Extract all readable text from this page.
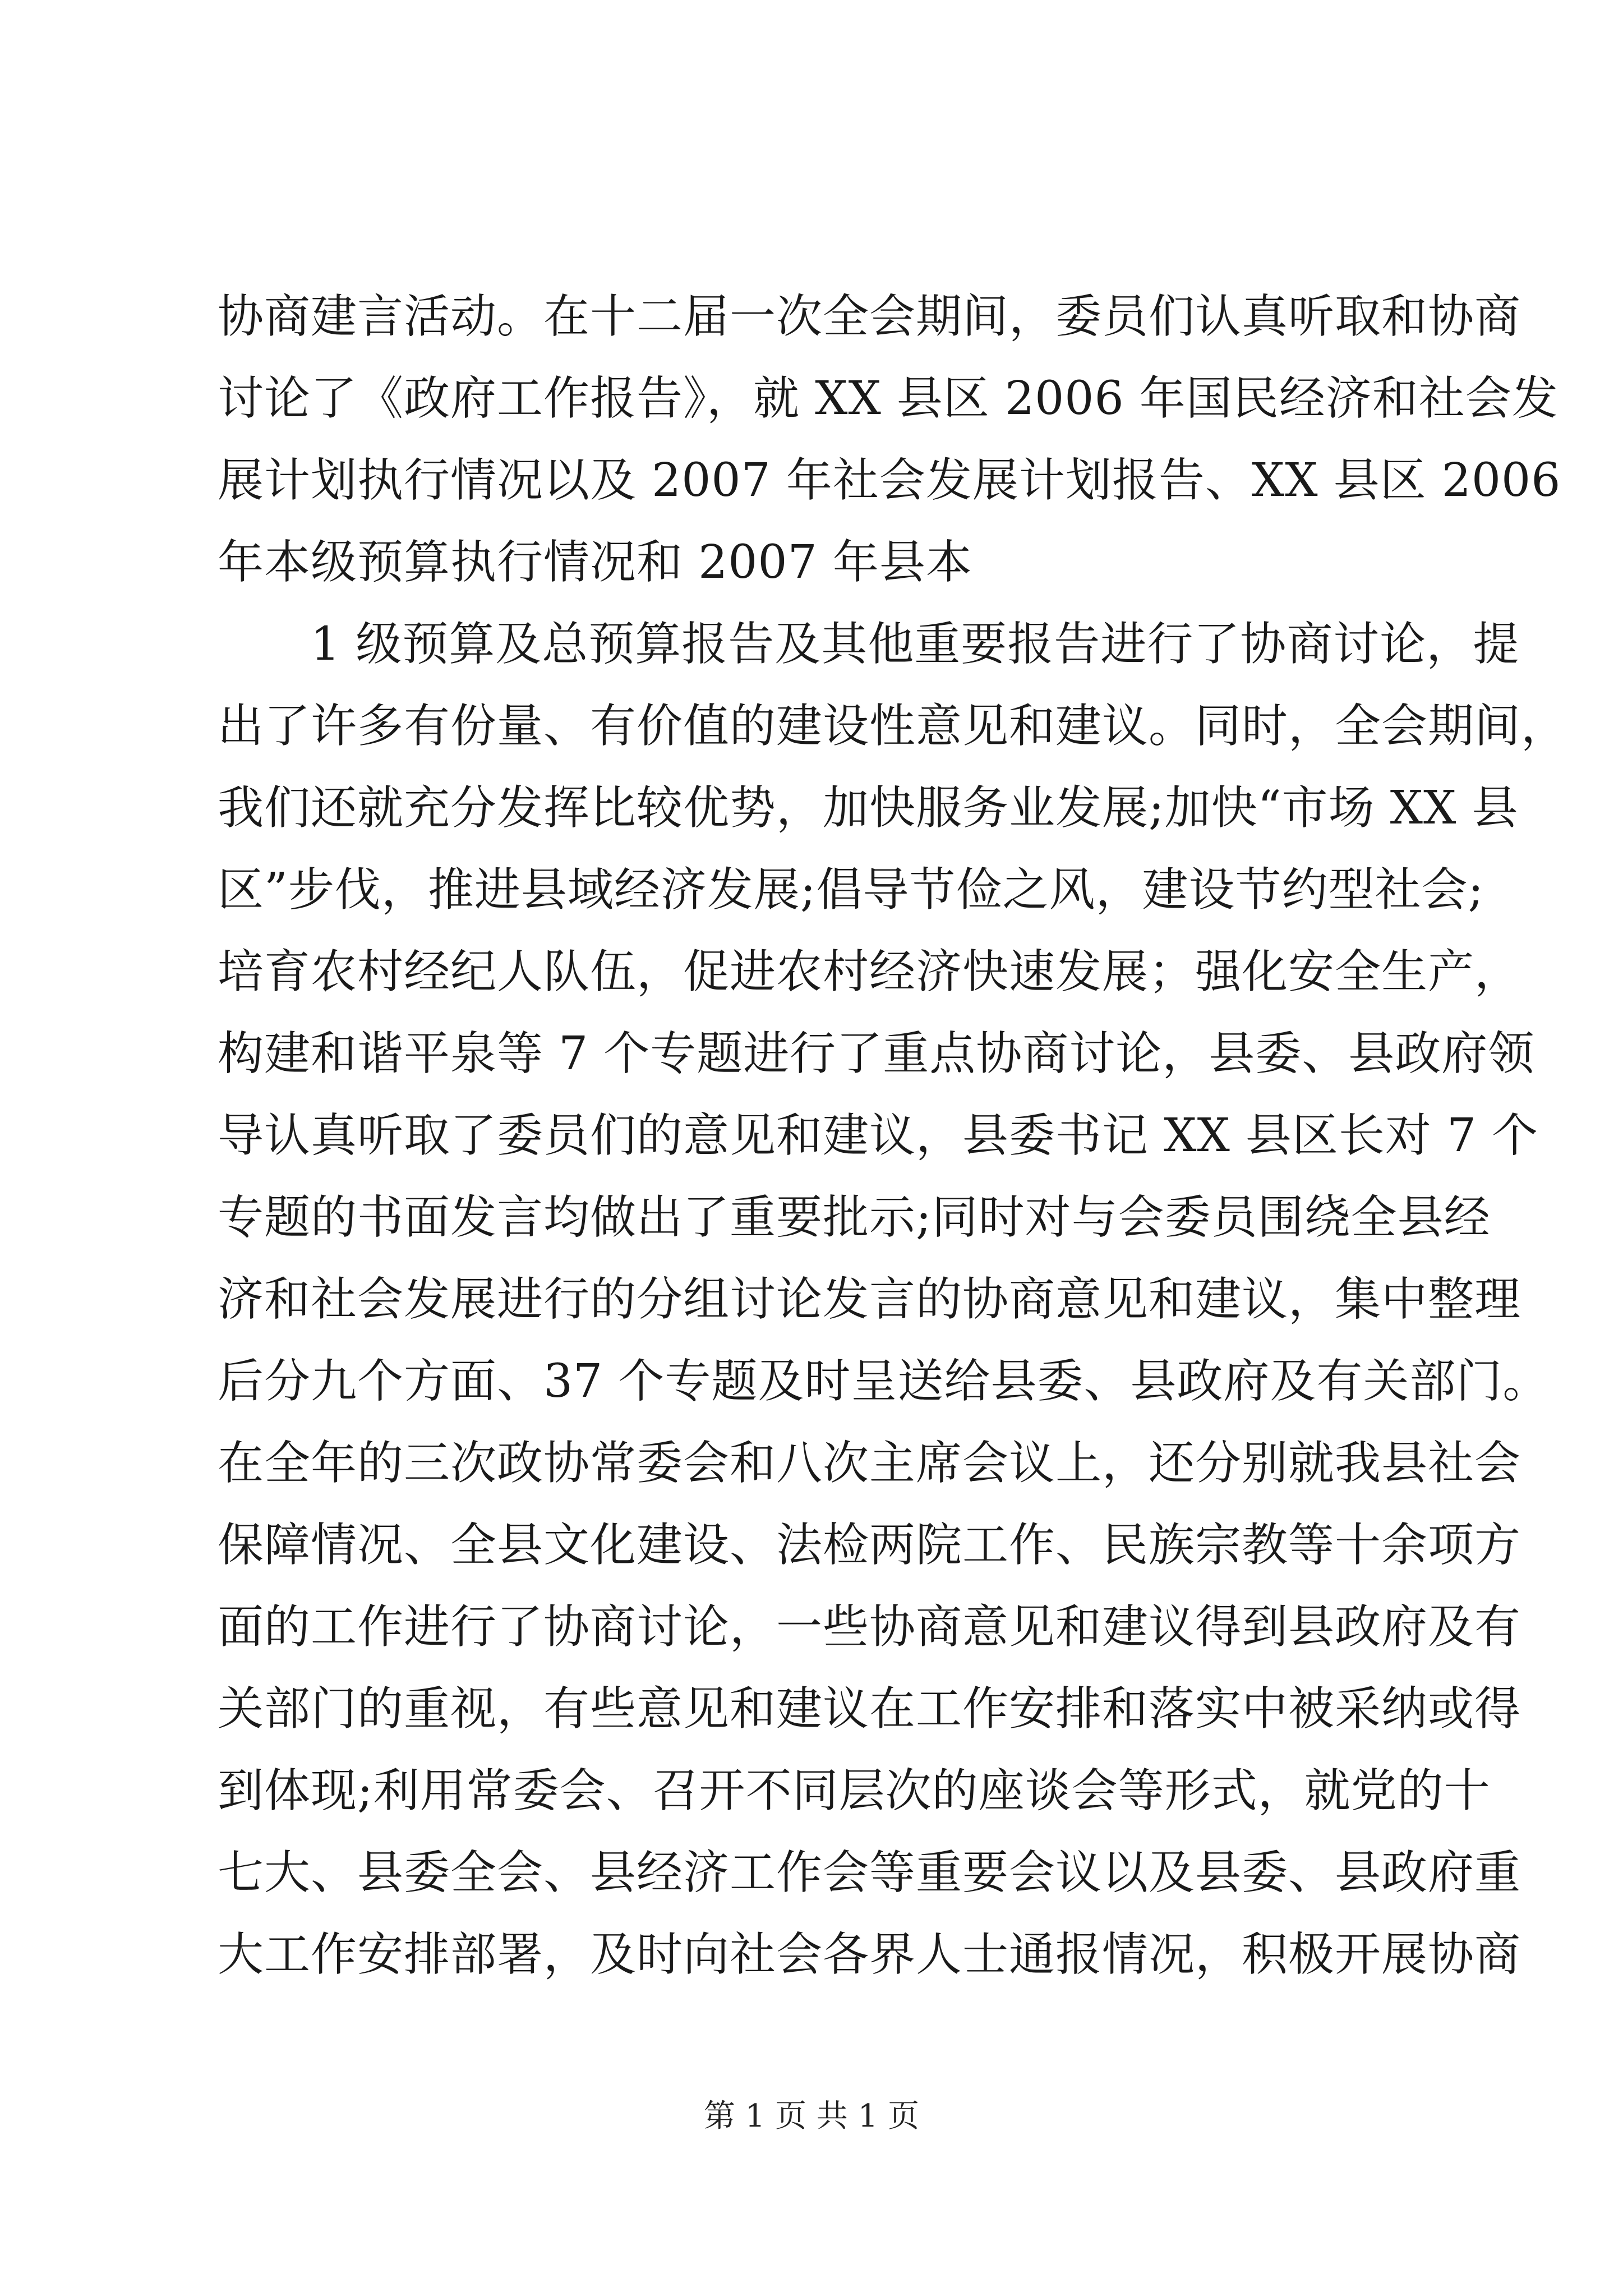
协商建言活动。在十二届一次全会期间，委员们认真听取和协商
讨论了《政府工作报告》，就 XX 县区 2006 年国民经济和社会发
展计划执行情况以及 2007 年社会发展计划报告、XX 县区 2006
年本级预算执行情况和 2007 年县本
　　1 级预算及总预算报告及其他重要报告进行了协商讨论，提
出了许多有份量、有价值的建设性意见和建议。同时，全会期间，
我们还就充分发挥比较优势，加快服务业发展;加快“市场 XX 县
区”步伐，推进县域经济发展;倡导节俭之风，建设节约型社会;
培育农村经纪人队伍，促进农村经济快速发展；强化安全生产，
构建和谐平泉等 7 个专题进行了重点协商讨论，县委、县政府领
导认真听取了委员们的意见和建议，县委书记 XX 县区长对 7 个
专题的书面发言均做出了重要批示;同时对与会委员围绕全县经
济和社会发展进行的分组讨论发言的协商意见和建议，集中整理
后分九个方面、37 个专题及时呈送给县委、县政府及有关部门。
在全年的三次政协常委会和八次主席会议上，还分别就我县社会
保障情况、全县文化建设、法检两院工作、民族宗教等十余项方
面的工作进行了协商讨论，一些协商意见和建议得到县政府及有
关部门的重视，有些意见和建议在工作安排和落实中被采纳或得
到体现;利用常委会、召开不同层次的座谈会等形式，就党的十
七大、县委全会、县经济工作会等重要会议以及县委、县政府重
大工作安排部署，及时向社会各界人士通报情况，积极开展协商
第 1 页 共 1 页
